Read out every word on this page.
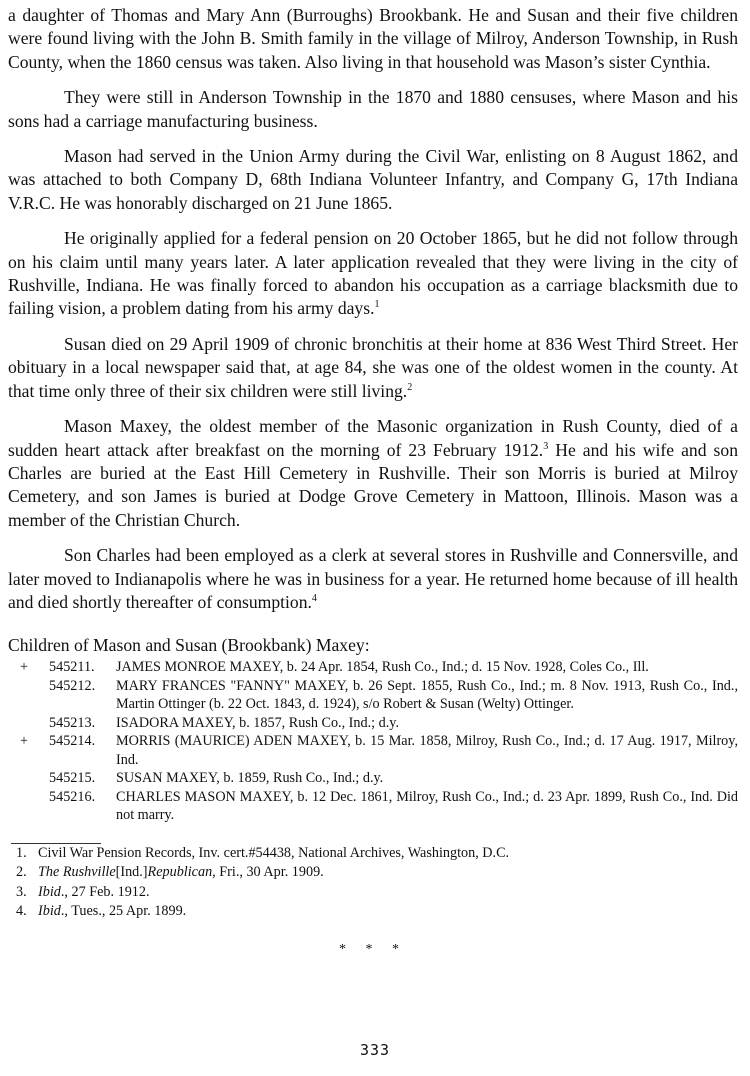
a daughter of Thomas and Mary Ann (Burroughs) Brookbank. He and Susan and their five children were found living with the John B. Smith family in the village of Milroy, Anderson Township, in Rush County, when the 1860 census was taken. Also living in that household was Mason’s sister Cynthia.

They were still in Anderson Township in the 1870 and 1880 censuses, where Mason and his sons had a carriage manufacturing business.

Mason had served in the Union Army during the Civil War, enlisting on 8 August 1862, and was attached to both Company D, 68th Indiana Volunteer Infantry, and Company G, 17th Indiana V.R.C. He was honorably discharged on 21 June 1865.

He originally applied for a federal pension on 20 October 1865, but he did not follow through on his claim until many years later. A later application revealed that they were living in the city of Rushville, Indiana. He was finally forced to abandon his occupation as a carriage blacksmith due to failing vision, a problem dating from his army days.$^1$

Susan died on 29 April 1909 of chronic bronchitis at their home at 836 West Third Street. Her obituary in a local newspaper said that, at age 84, she was one of the oldest women in the county. At that time only three of their six children were still living.$^2$

Mason Maxey, the oldest member of the Masonic organization in Rush County, died of a sudden heart attack after breakfast on the morning of 23 February 1912.$^3$ He and his wife and son Charles are buried at the East Hill Cemetery in Rushville. Their son Morris is buried at Milroy Cemetery, and son James is buried at Dodge Grove Cemetery in Mattoon, Illinois. Mason was a member of the Christian Church.

Son Charles had been employed as a clerk at several stores in Rushville and Connersville, and later moved to Indianapolis where he was in business for a year. He returned home because of ill health and died shortly thereafter of consumption.$^4$

Children of Mason and Susan (Brookbank) Maxey:

+ 545211. JAMES MONROE MAXEY, b. 24 Apr. 1854, Rush Co., Ind.; d. 15 Nov. 1928, Coles Co., Ill.

545212. MARY FRANCES "FANNY" MAXEY, b. 26 Sept. 1855, Rush Co., Ind.; m. 8 Nov. 1913, Rush Co., Ind., Martin Ottinger (b. 22 Oct. 1843, d. 1924), s/o Robert & Susan (Welty) Ottinger.

545213. ISADORA MAXEY, b. 1857, Rush Co., Ind.; d.y.

+ 545214. MORRIS (MAURICE) ADEN MAXEY, b. 15 Mar. 1858, Milroy, Rush Co., Ind.; d. 17 Aug. 1917, Milroy, Ind.

545215. SUSAN MAXEY, b. 1859, Rush Co., Ind.; d.y.

545216. CHARLES MASON MAXEY, b. 12 Dec. 1861, Milroy, Rush Co., Ind.; d. 23 Apr. 1899, Rush Co., Ind. Did not marry.

1. Civil War Pension Records, Inv. cert.#54438, National Archives, Washington, D.C.

2. The Rushville[Ind.]Republican, Fri., 30 Apr. 1909.

3. Ibid., 27 Feb. 1912.

4. Ibid., Tues., 25 Apr. 1899.

* * *
333
